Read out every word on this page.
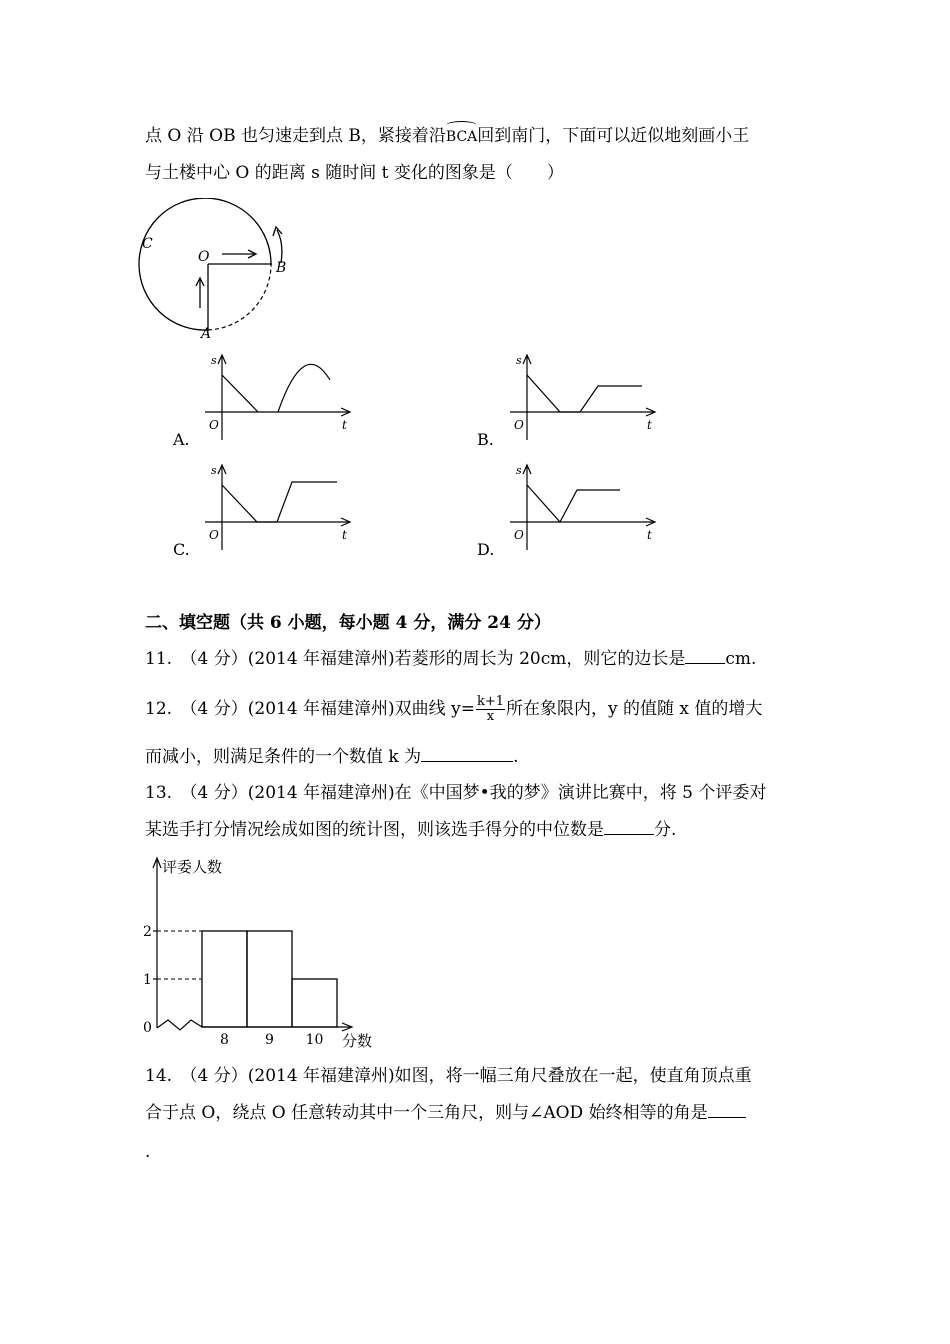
点 O 沿 OB 也匀速走到点 B，紧接着沿BCA回到南门，下面可以近似地刻画小王
与土楼中心 O 的距离 s 随时间 t 变化的图象是（　　）
C
O
B
A
s
t
O
A.
s
t
O
B.
s
t
O
C.
s
t
O
D.
二、填空题（共 6 小题，每小题 4 分，满分 24 分）
11.　（4 分）(2014 年福建漳州)若菱形的周长为 20cm，则它的边长是 cm.
12.　（4 分）(2014 年福建漳州)双曲线 $y= \frac{k+1}{x}$ 所在象限内，y 的值随 x 值的增大
而减小，则满足条件的一个数值 k 为	.
13.　（4 分）(2014 年福建漳州)在《中国梦•我的梦》演讲比赛中，将 5 个评委对
某选手打分情况绘成如图的统计图，则该选手得分的中位数是	分.
评委人数
分数
0
1
2
8	9 10
14.　（4 分）(2014 年福建漳州)如图，将一幅三角尺叠放在一起，使直角顶点重
合于点 O，绕点 O 任意转动其中一个三角尺，则与∠AOD 始终相等的角是
.
